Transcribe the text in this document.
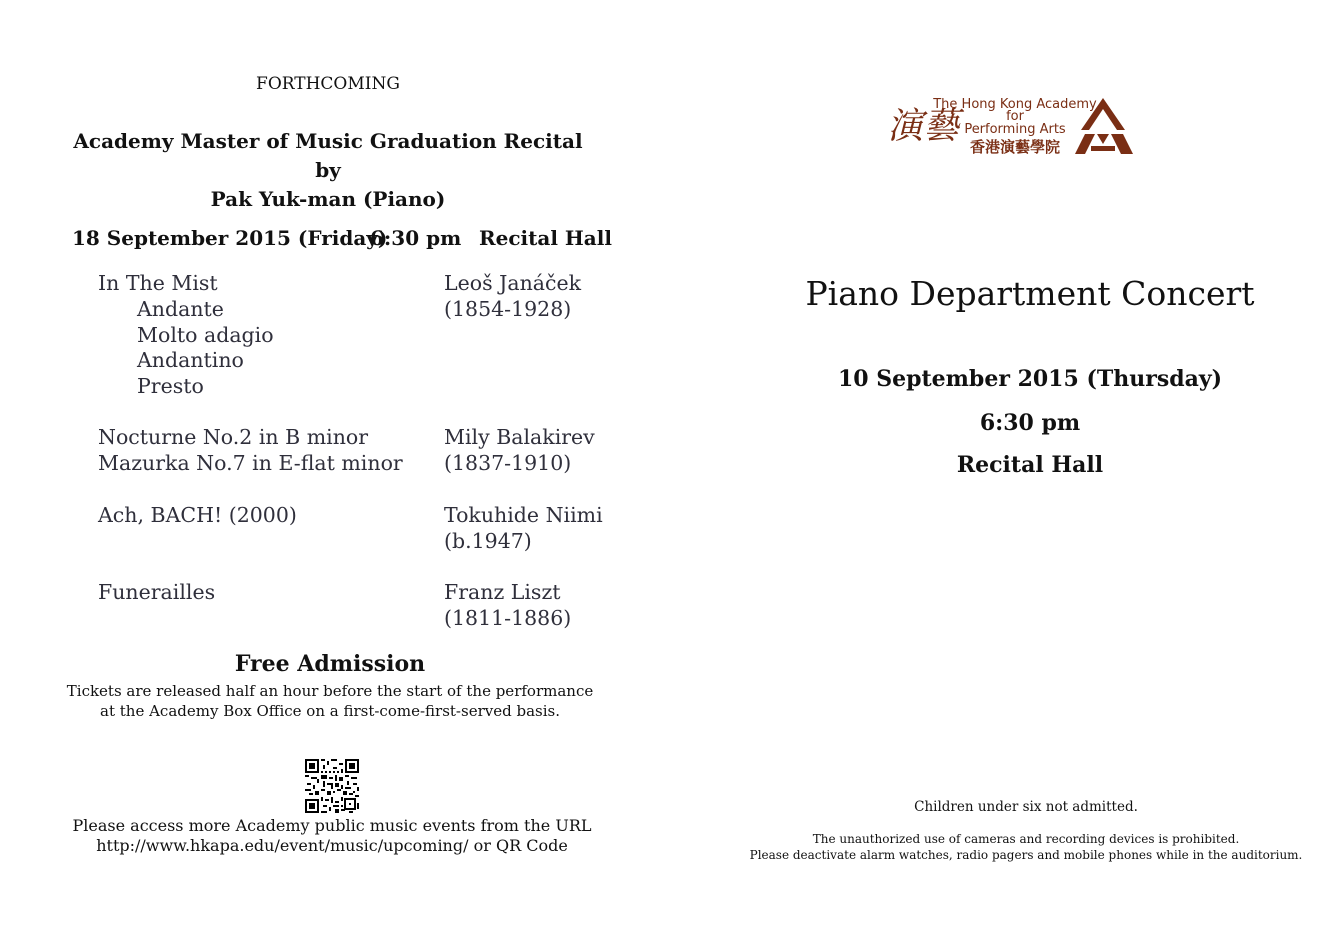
FORTHCOMING
Academy Master of Music Graduation Recital
by
Pak Yuk-man (Piano)
18 September 2015 (Friday)
6:30 pm Recital Hall
In The Mist
Andante
Molto adagio
Andantino
Presto
Leoš Janáček
(1854-1928)
Nocturne No.2 in B minor
Mazurka No.7 in E-flat minor
Mily Balakirev
(1837-1910)
Ach, BACH! (2000)	Tokuhide Niimi
(b.1947)
Funerailles	Franz Liszt
(1811-1886)
Free Admission
Tickets are released half an hour before the start of the performance
at the Academy Box Office on a first-come-first-served basis.
Please access more Academy public music events from the URL
http://www.hkapa.edu/event/music/upcoming/ or QR Code
演藝
The Hong Kong Academy
for
Performing Arts
香港演藝學院
Piano Department Concert
10 September 2015 (Thursday)
6:30 pm
Recital Hall
Children under six not admitted.
The unauthorized use of cameras and recording devices is prohibited.
Please deactivate alarm watches, radio pagers and mobile phones while in the auditorium.
